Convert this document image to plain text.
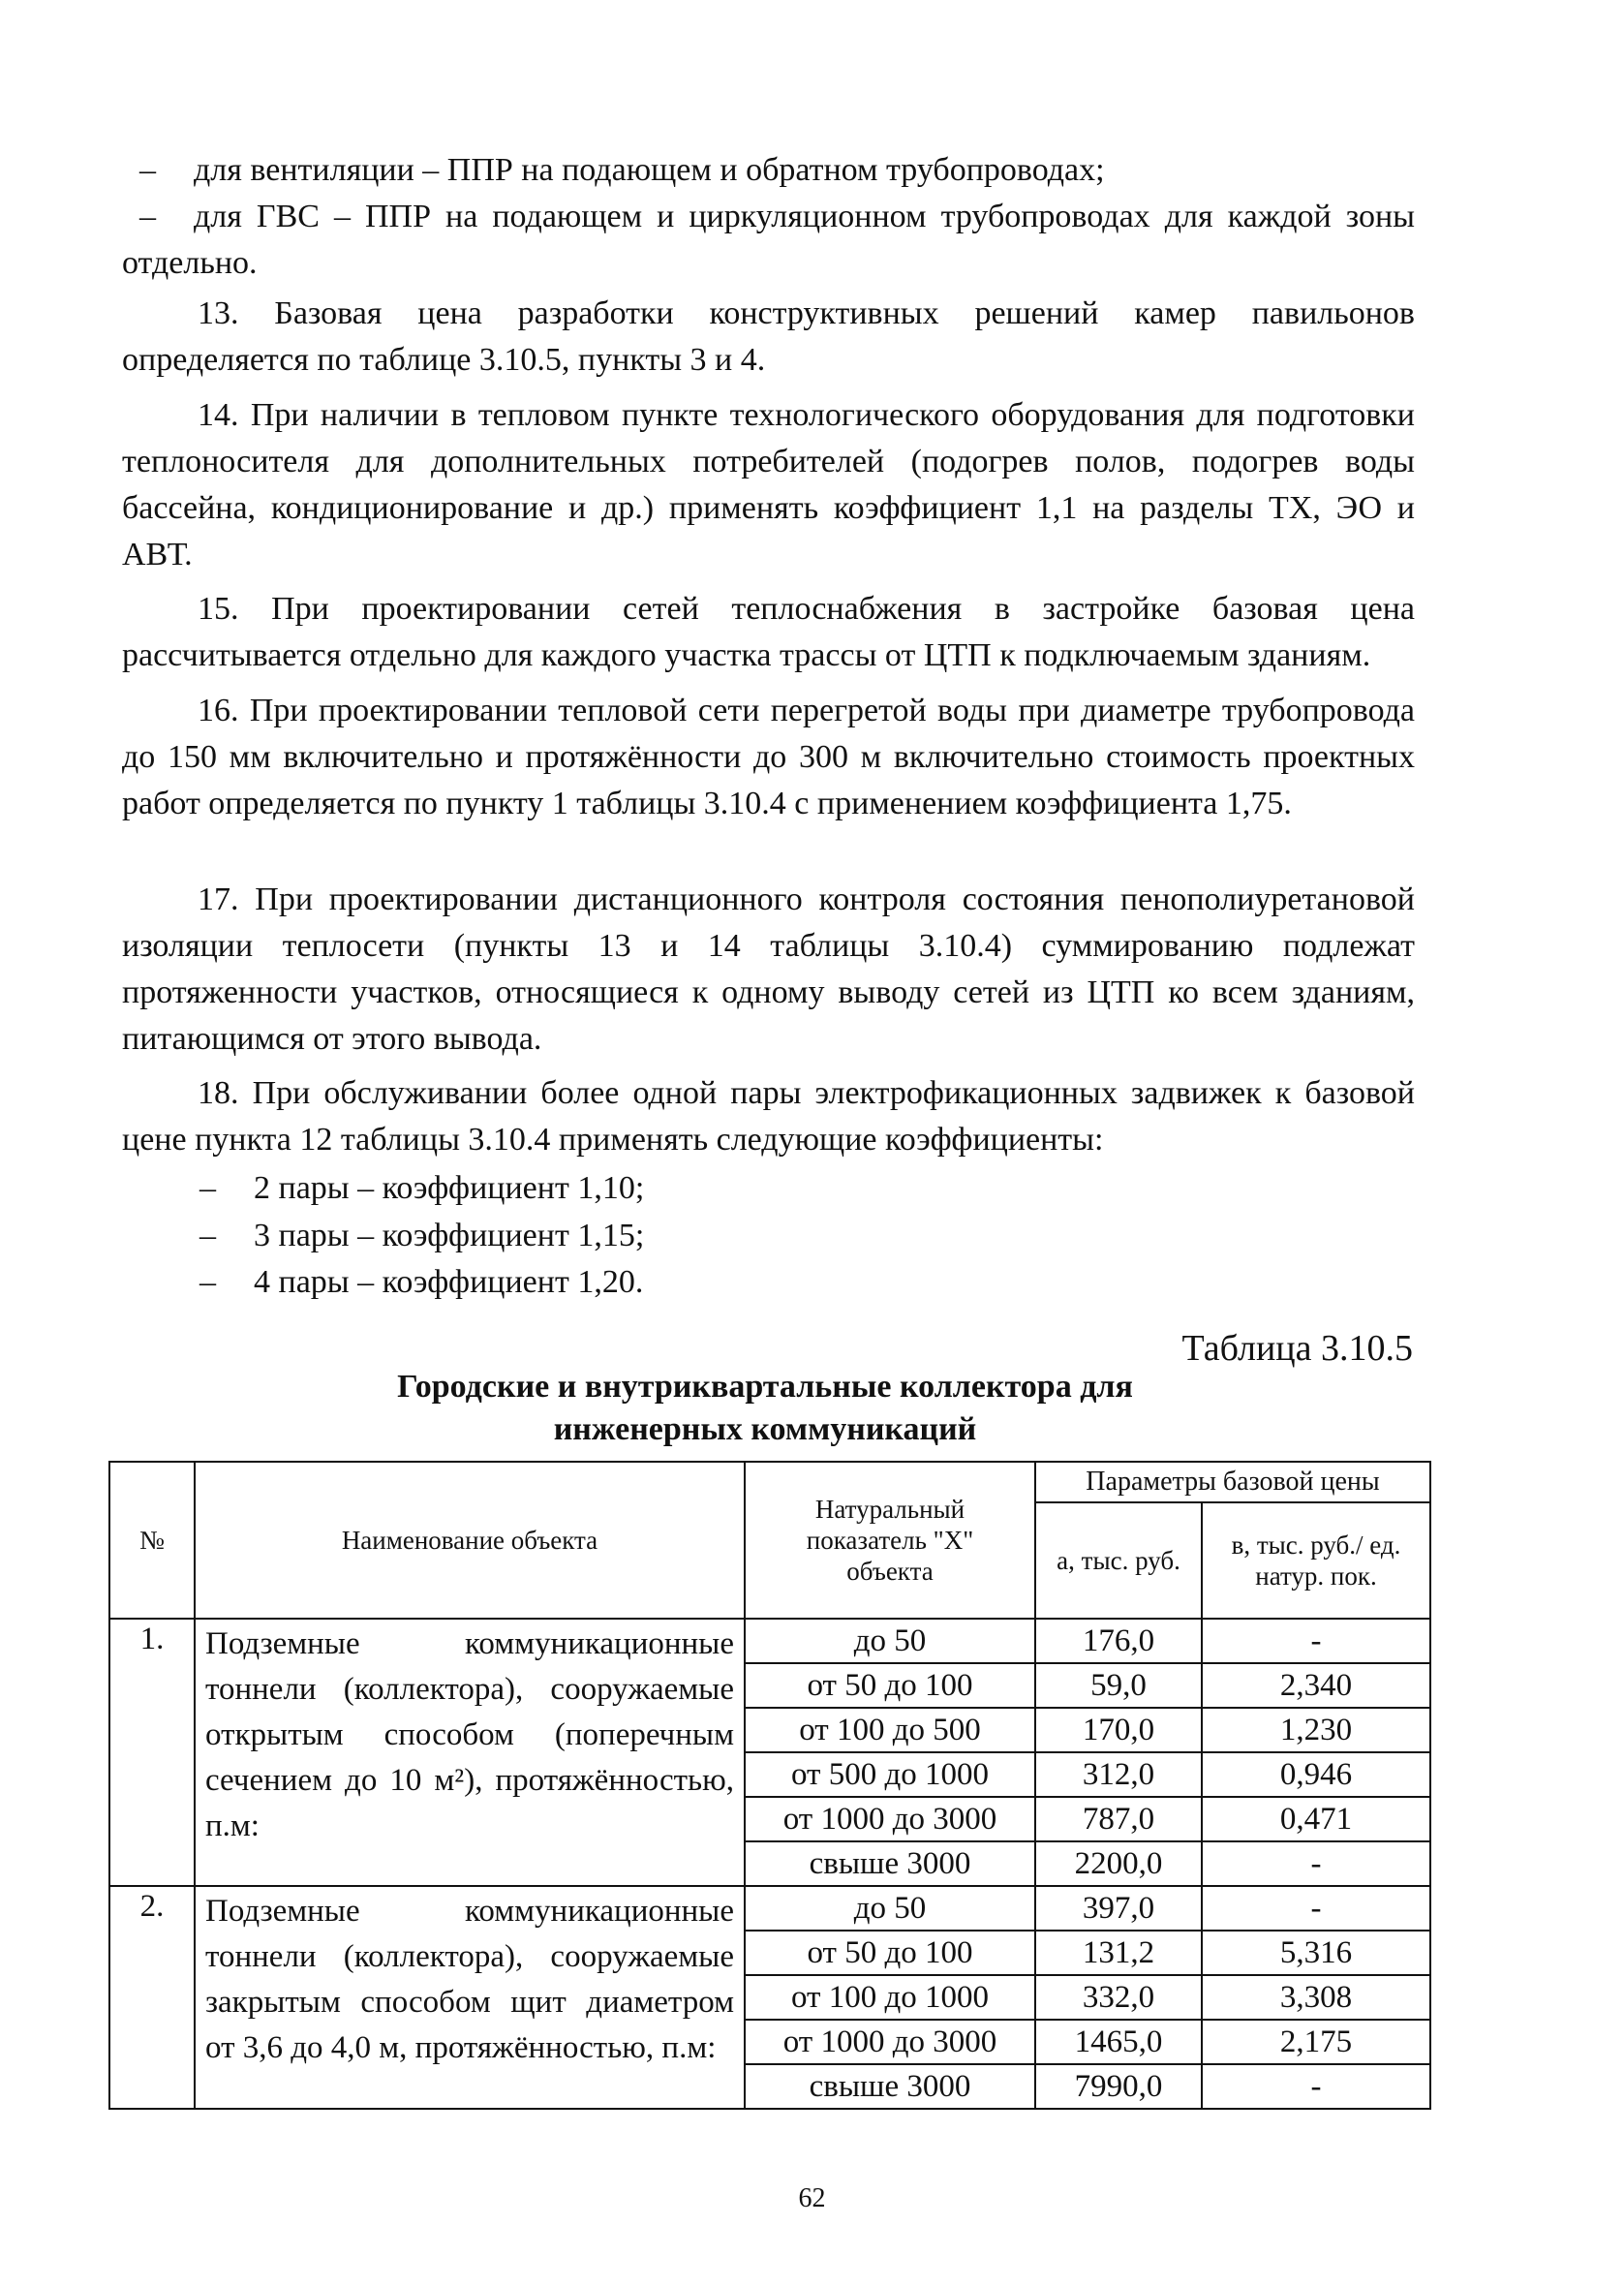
– для вентиляции – ППР на подающем и обратном трубопроводах;

для ГВС – ППР на подающем и циркуляционном трубопроводах для каждой зоны отдельно.

–

13. Базовая цена разработки конструктивных решений камер павильонов определяется по таблице 3.10.5, пункты 3 и 4.

14. При наличии в тепловом пункте технологического оборудования для подготовки теплоносителя для дополнительных потребителей (подогрев полов, подогрев воды бассейна, кондиционирование и др.) применять коэффициент 1,1 на разделы ТХ, ЭО и АВТ.

15. При проектировании сетей теплоснабжения в застройке базовая цена рассчитывается отдельно для каждого участка трассы от ЦТП к подключаемым зданиям.

16. При проектировании тепловой сети перегретой воды при диаметре трубопровода до 150 мм включительно и протяжённости до 300 м включительно стоимость проектных работ определяется по пункту 1 таблицы 3.10.4 с применением коэффициента 1,75.

17. При проектировании дистанционного контроля состояния пенополиуретановой изоляции теплосети (пункты 13 и 14 таблицы 3.10.4) суммированию подлежат протяженности участков, относящиеся к одному выводу сетей из ЦТП ко всем зданиям, питающимся от этого вывода.

18. При обслуживании более одной пары электрофикационных задвижек к базовой цене пункта 12 таблицы 3.10.4 применять следующие коэффициенты:

– 2 пары – коэффициент 1,10;

– 3 пары – коэффициент 1,15;

– 4 пары – коэффициент 1,20.

Таблица 3.10.5
Городские и внутриквартальные коллектора для
инженерных коммуникаций
№	Наименование объекта	Натуральный показатель "X" объекта	Параметры базовой цены	
			а, тыс. руб.	в, тыс. руб./ ед. натур. пок.
1.	Подземные коммуникационные тоннели (коллектора), сооружаемые открытым способом (поперечным сечением до 10 м²), протяжённостью, п.м:	до 50	176,0	-
		от 50 до 100	59,0	2,340
		от 100 до 500	170,0	1,230
		от 500 до 1000	312,0	0,946
		от 1000 до 3000	787,0	0,471
		свыше 3000	2200,0	-
2.	Подземные коммуникационные тоннели (коллектора), сооружаемые закрытым способом щит диаметром от 3,6 до 4,0 м, протяжённостью, п.м:	до 50	397,0	-
		от 50 до 100	131,2	5,316
		от 100 до 1000	332,0	3,308
		от 1000 до 3000	1465,0	2,175
		свыше 3000	7990,0	-
62
